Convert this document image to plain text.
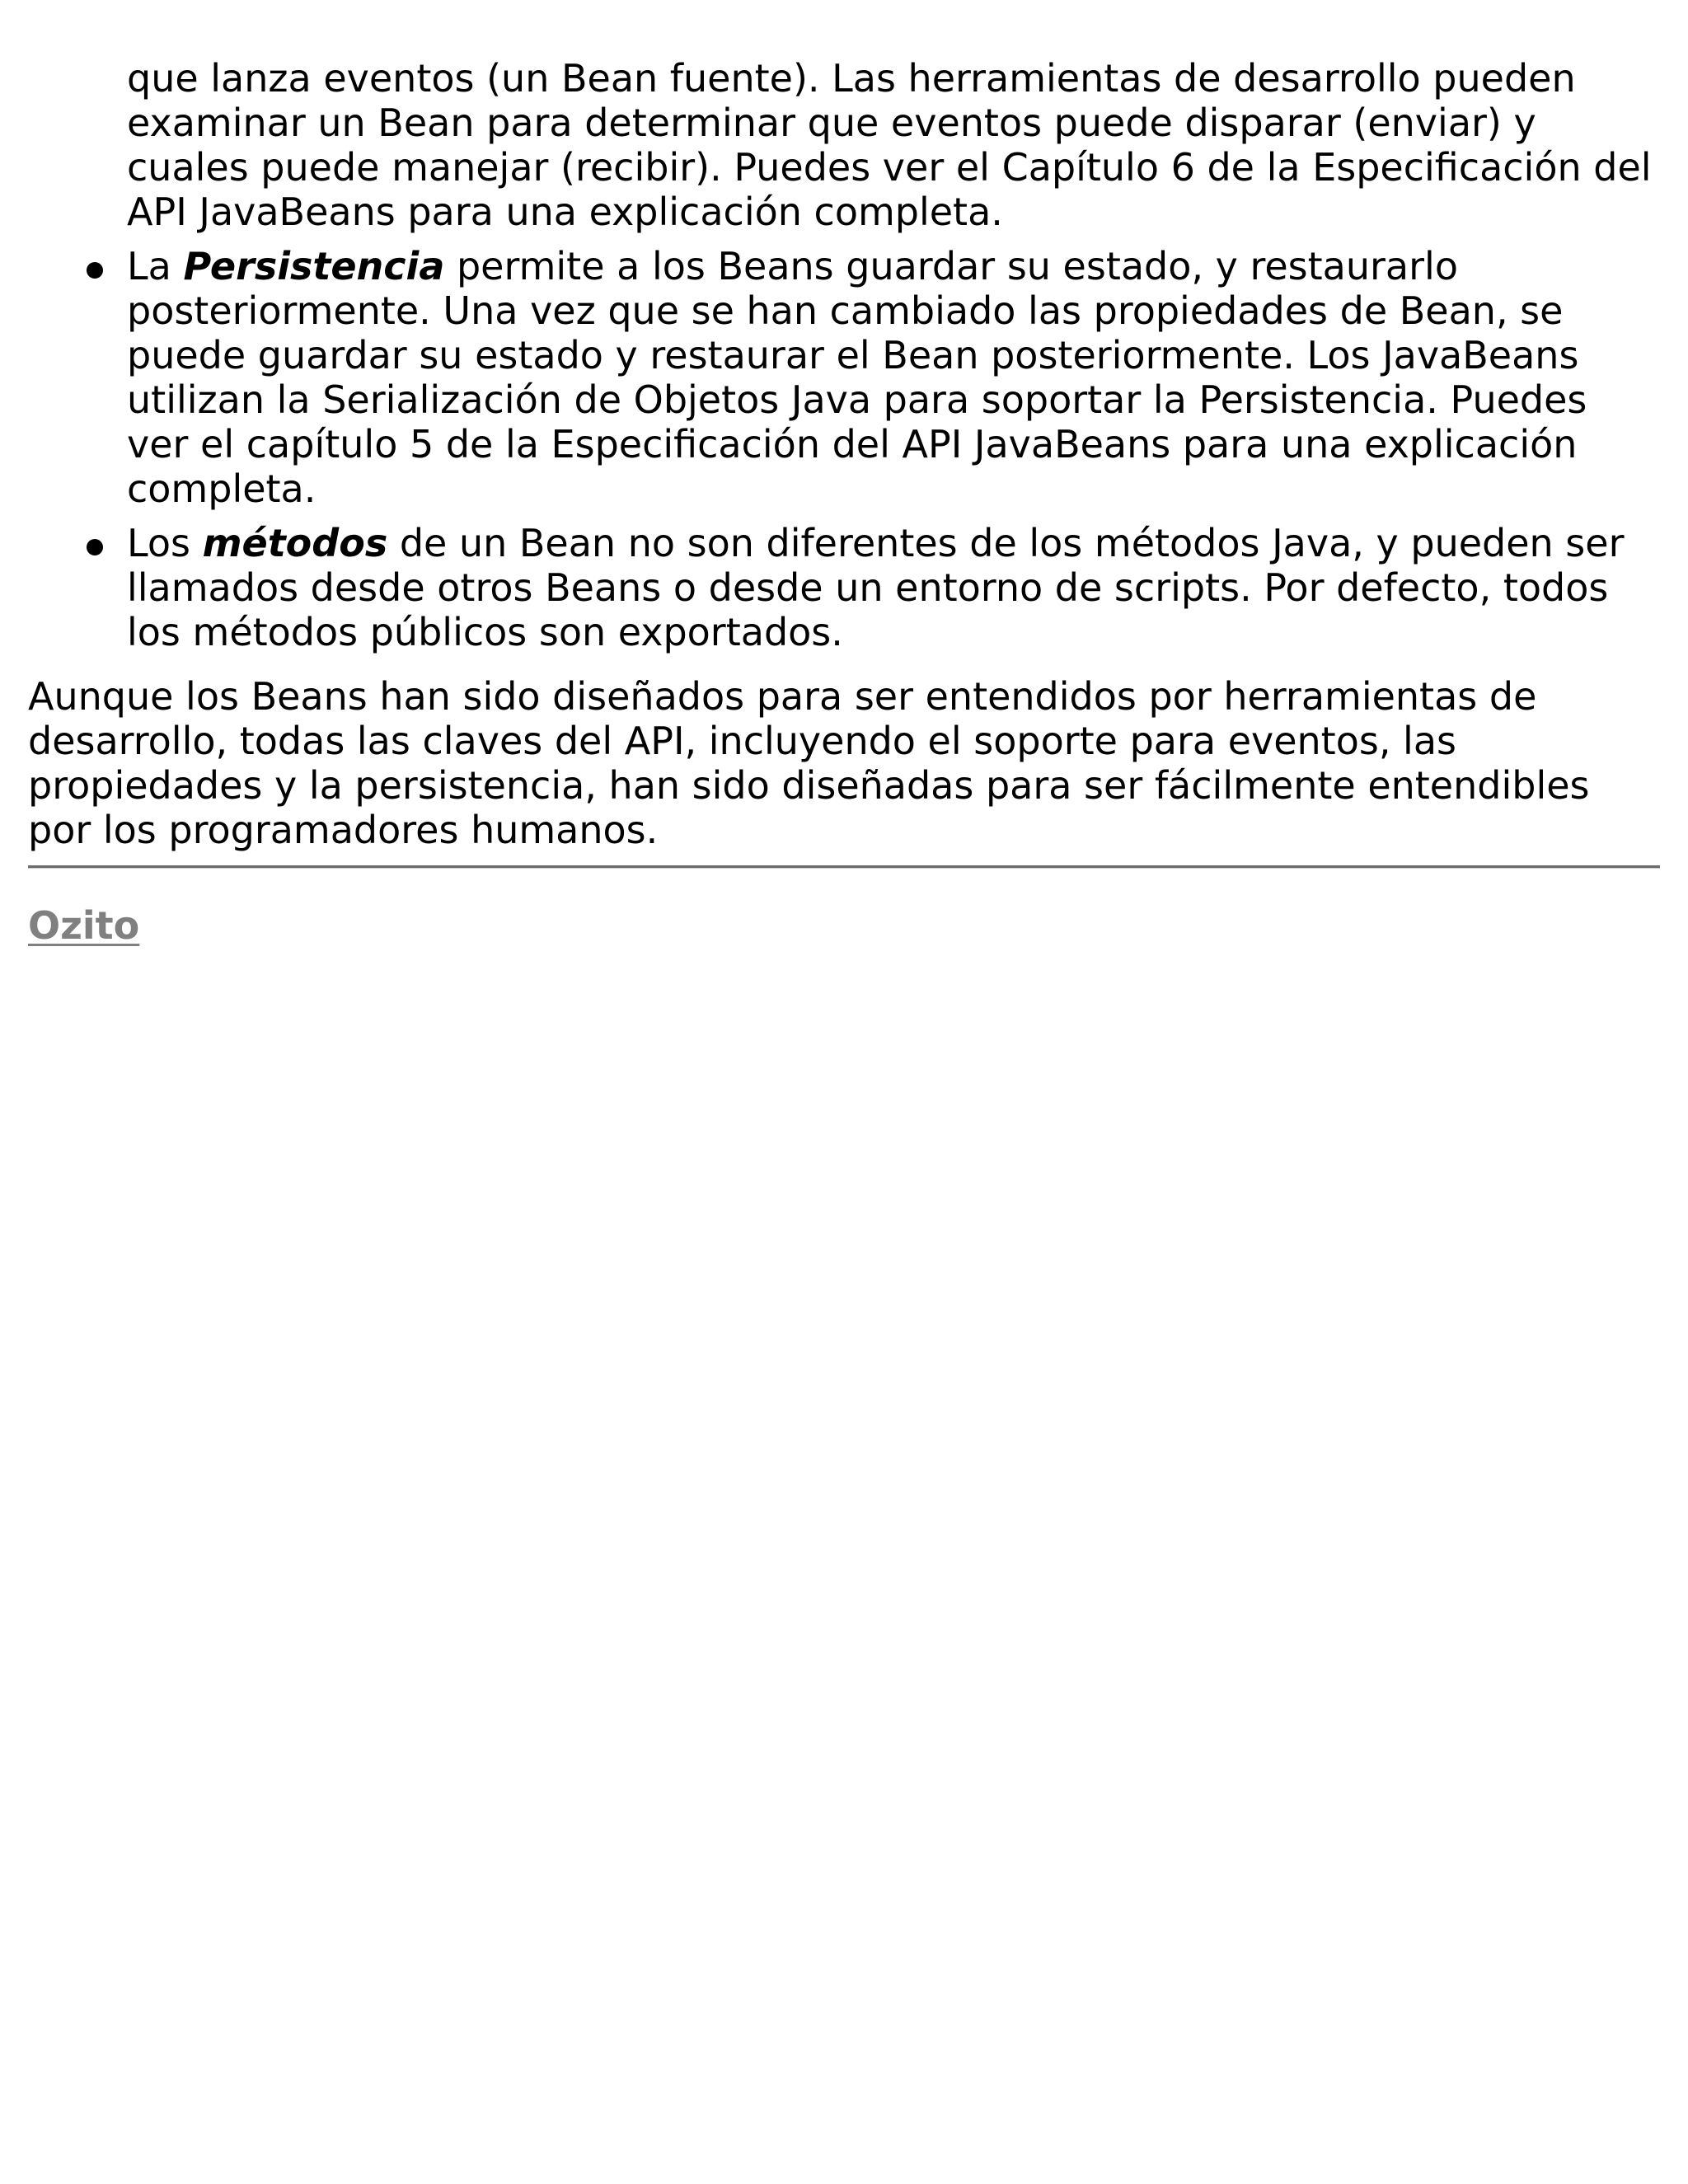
que lanza eventos (un Bean fuente). Las herramientas de desarrollo pueden examinar un Bean para determinar que eventos puede disparar (enviar) y cuales puede manejar (recibir). Puedes ver el Capítulo 6 de la Especificación del API JavaBeans para una explicación completa.
La Persistencia permite a los Beans guardar su estado, y restaurarlo posteriormente. Una vez que se han cambiado las propiedades de Bean, se puede guardar su estado y restaurar el Bean posteriormente. Los JavaBeans utilizan la Serialización de Objetos Java para soportar la Persistencia. Puedes ver el capítulo 5 de la Especificación del API JavaBeans para una explicación completa.
Los métodos de un Bean no son diferentes de los métodos Java, y pueden ser llamados desde otros Beans o desde un entorno de scripts. Por defecto, todos los métodos públicos son exportados.

Aunque los Beans han sido diseñados para ser entendidos por herramientas de desarrollo, todas las claves del API, incluyendo el soporte para eventos, las propiedades y la persistencia, han sido diseñadas para ser fácilmente entendibles por los programadores humanos.

Ozito
